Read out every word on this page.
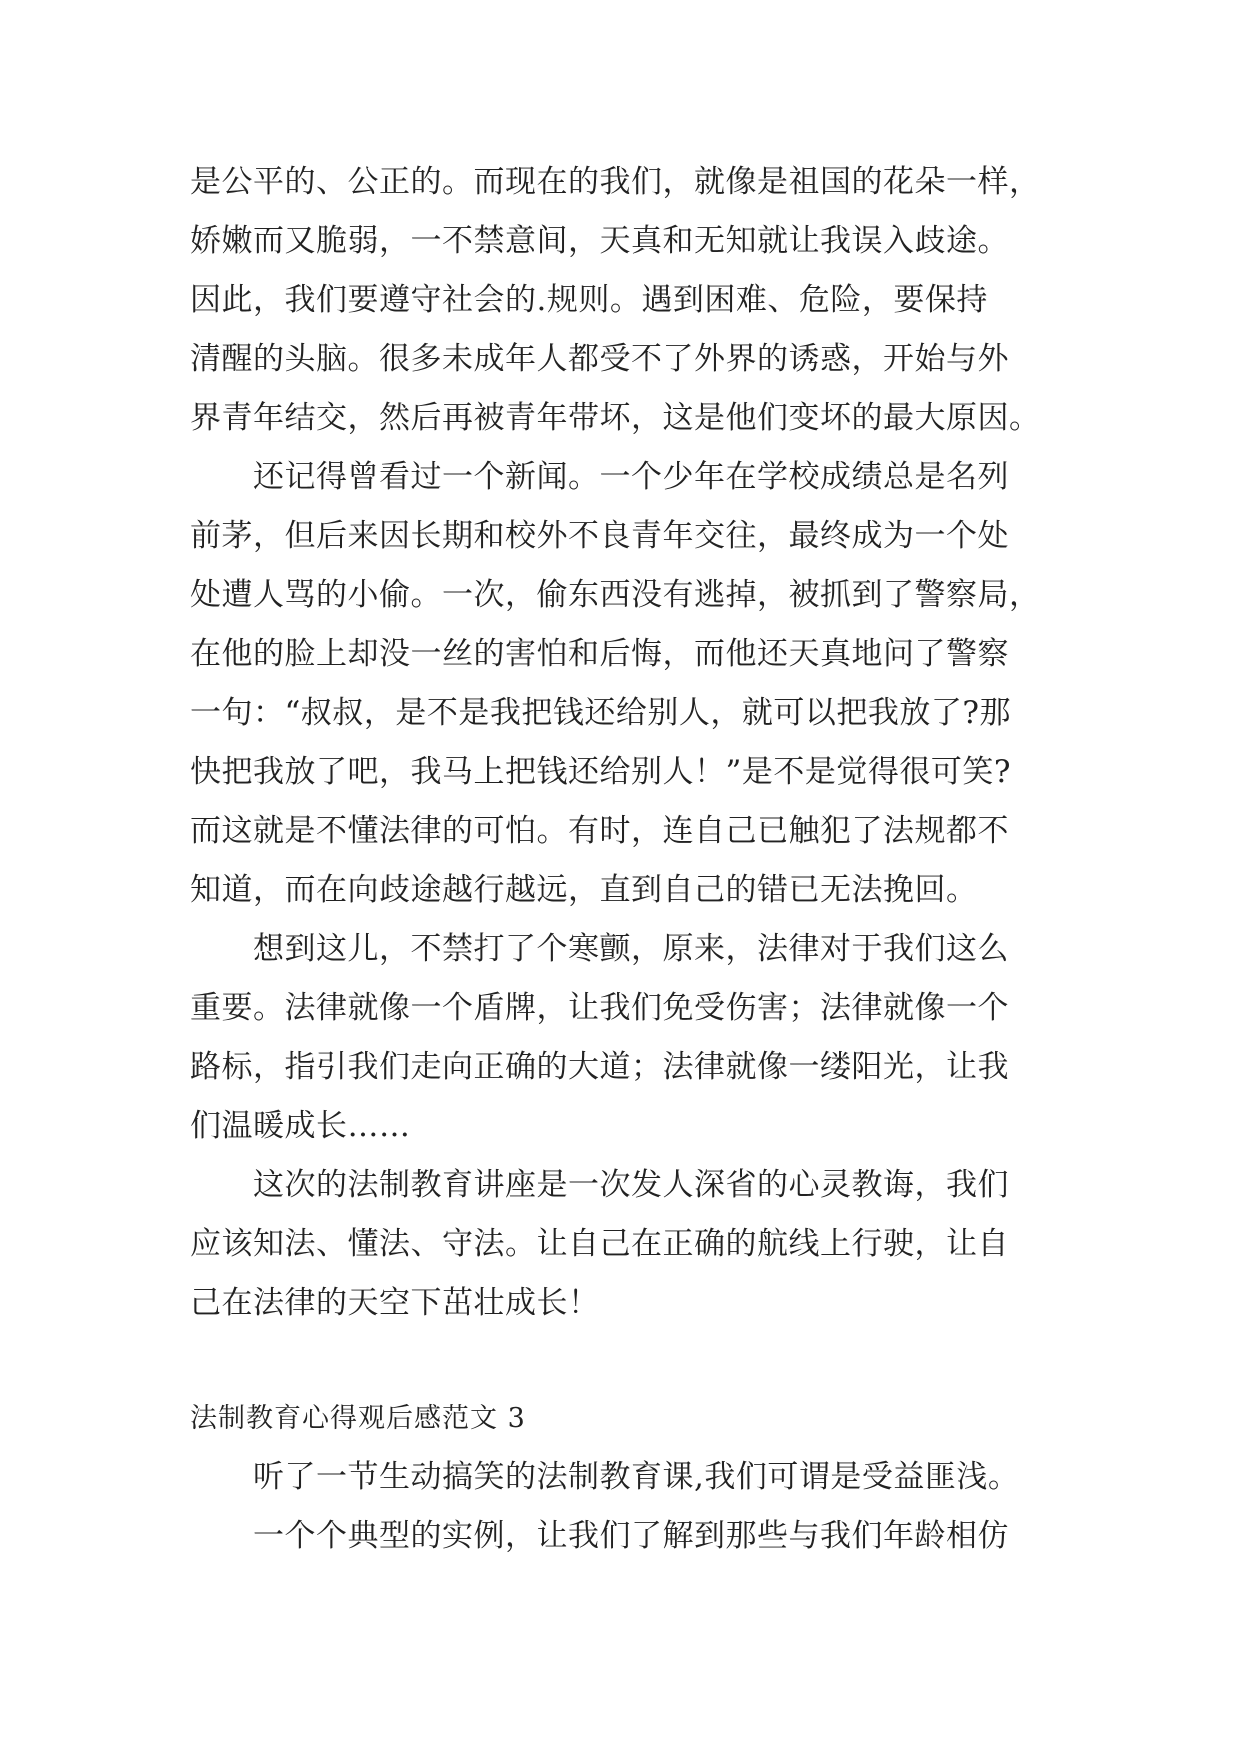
是公平的、公正的。而现在的我们，就像是祖国的花朵一样，
娇嫩而又脆弱，一不禁意间，天真和无知就让我误入歧途。
因此，我们要遵守社会的.规则。遇到困难、危险，要保持
清醒的头脑。很多未成年人都受不了外界的诱惑，开始与外
界青年结交，然后再被青年带坏，这是他们变坏的最大原因。
还记得曾看过一个新闻。一个少年在学校成绩总是名列
前茅，但后来因长期和校外不良青年交往，最终成为一个处
处遭人骂的小偷。一次，偷东西没有逃掉，被抓到了警察局，
在他的脸上却没一丝的害怕和后悔，而他还天真地问了警察
一句：“叔叔，是不是我把钱还给别人，就可以把我放了?那
快把我放了吧，我马上把钱还给别人！”是不是觉得很可笑?
而这就是不懂法律的可怕。有时，连自己已触犯了法规都不
知道，而在向歧途越行越远，直到自己的错已无法挽回。
想到这儿，不禁打了个寒颤，原来，法律对于我们这么
重要。法律就像一个盾牌，让我们免受伤害；法律就像一个
路标，指引我们走向正确的大道；法律就像一缕阳光，让我
们温暖成长……
这次的法制教育讲座是一次发人深省的心灵教诲，我们
应该知法、懂法、守法。让自己在正确的航线上行驶，让自
己在法律的天空下茁壮成长！
法制教育心得观后感范文 3
听了一节生动搞笑的法制教育课,我们可谓是受益匪浅。
一个个典型的实例，让我们了解到那些与我们年龄相仿
